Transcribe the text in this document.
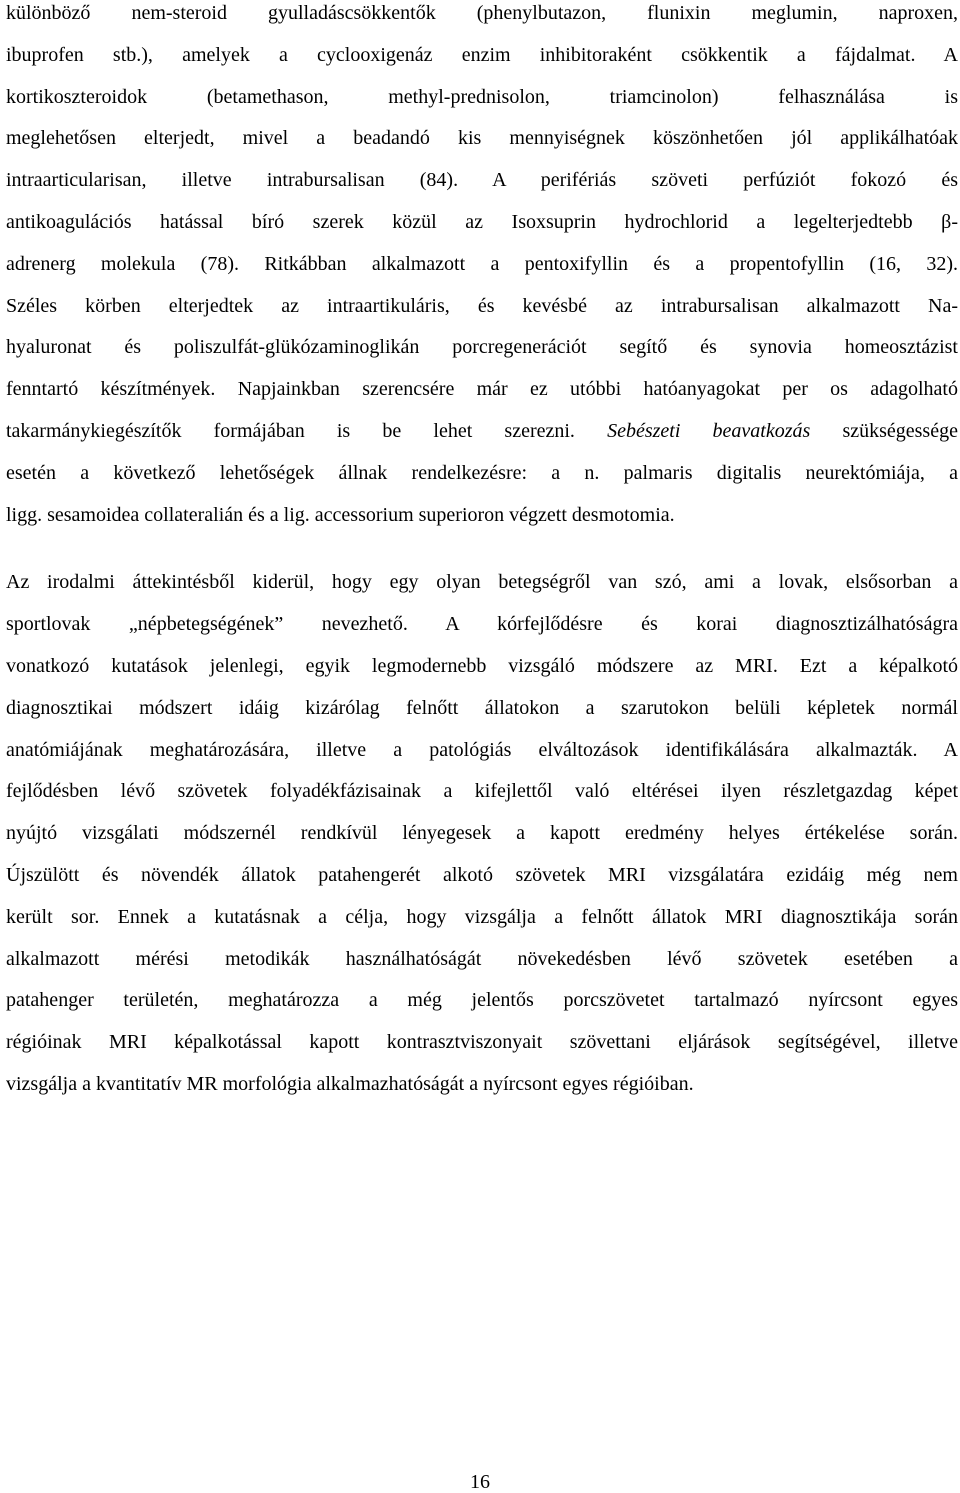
különböző nem-steroid gyulladáscsökkentők (phenylbutazon, flunixin meglumin, naproxen,
ibuprofen stb.), amelyek a cyclooxigenáz enzim inhibitoraként csökkentik a fájdalmat. A
kortikoszteroidok (betamethason, methyl-prednisolon, triamcinolon) felhasználása is
meglehetősen elterjedt, mivel a beadandó kis mennyiségnek köszönhetően jól applikálhatóak
intraarticularisan, illetve intrabursalisan (84). A perifériás szöveti perfúziót fokozó és
antikoagulációs hatással bíró szerek közül az Isoxsuprin hydrochlorid a legelterjedtebb β-
adrenerg molekula (78). Ritkábban alkalmazott a pentoxifyllin és a propentofyllin (16, 32).
Széles körben elterjedtek az intraartikuláris, és kevésbé az intrabursalisan alkalmazott Na-
hyaluronat és poliszulfát-glükózaminoglikán porcregenerációt segítő és synovia homeosztázist
fenntartó készítmények. Napjainkban szerencsére már ez utóbbi hatóanyagokat per os adagolható
takarmánykiegészítők formájában is be lehet szerezni. Sebészeti beavatkozás szükségessége
esetén a következő lehetőségek állnak rendelkezésre: a n. palmaris digitalis neurektómiája, a
ligg. sesamoidea collateralián és a lig. accessorium superioron végzett desmotomia.
Az irodalmi áttekintésből kiderül, hogy egy olyan betegségről van szó, ami a lovak, elsősorban a
sportlovak „népbetegségének” nevezhető. A kórfejlődésre és korai diagnosztizálhatóságra
vonatkozó kutatások jelenlegi, egyik legmodernebb vizsgáló módszere az MRI. Ezt a képalkotó
diagnosztikai módszert idáig kizárólag felnőtt állatokon a szarutokon belüli képletek normál
anatómiájának meghatározására, illetve a patológiás elváltozások identifikálására alkalmazták. A
fejlődésben lévő szövetek folyadékfázisainak a kifejlettől való eltérései ilyen részletgazdag képet
nyújtó vizsgálati módszernél rendkívül lényegesek a kapott eredmény helyes értékelése során.
Újszülött és növendék állatok patahengerét alkotó szövetek MRI vizsgálatára ezidáig még nem
került sor. Ennek a kutatásnak a célja, hogy vizsgálja a felnőtt állatok MRI diagnosztikája során
alkalmazott mérési metodikák használhatóságát növekedésben lévő szövetek esetében a
patahenger területén, meghatározza a még jelentős porcszövetet tartalmazó nyírcsont egyes
régióinak MRI képalkotással kapott kontrasztviszonyait szövettani eljárások segítségével, illetve
vizsgálja a kvantitatív MR morfológia alkalmazhatóságát a nyírcsont egyes régióiban.
16
